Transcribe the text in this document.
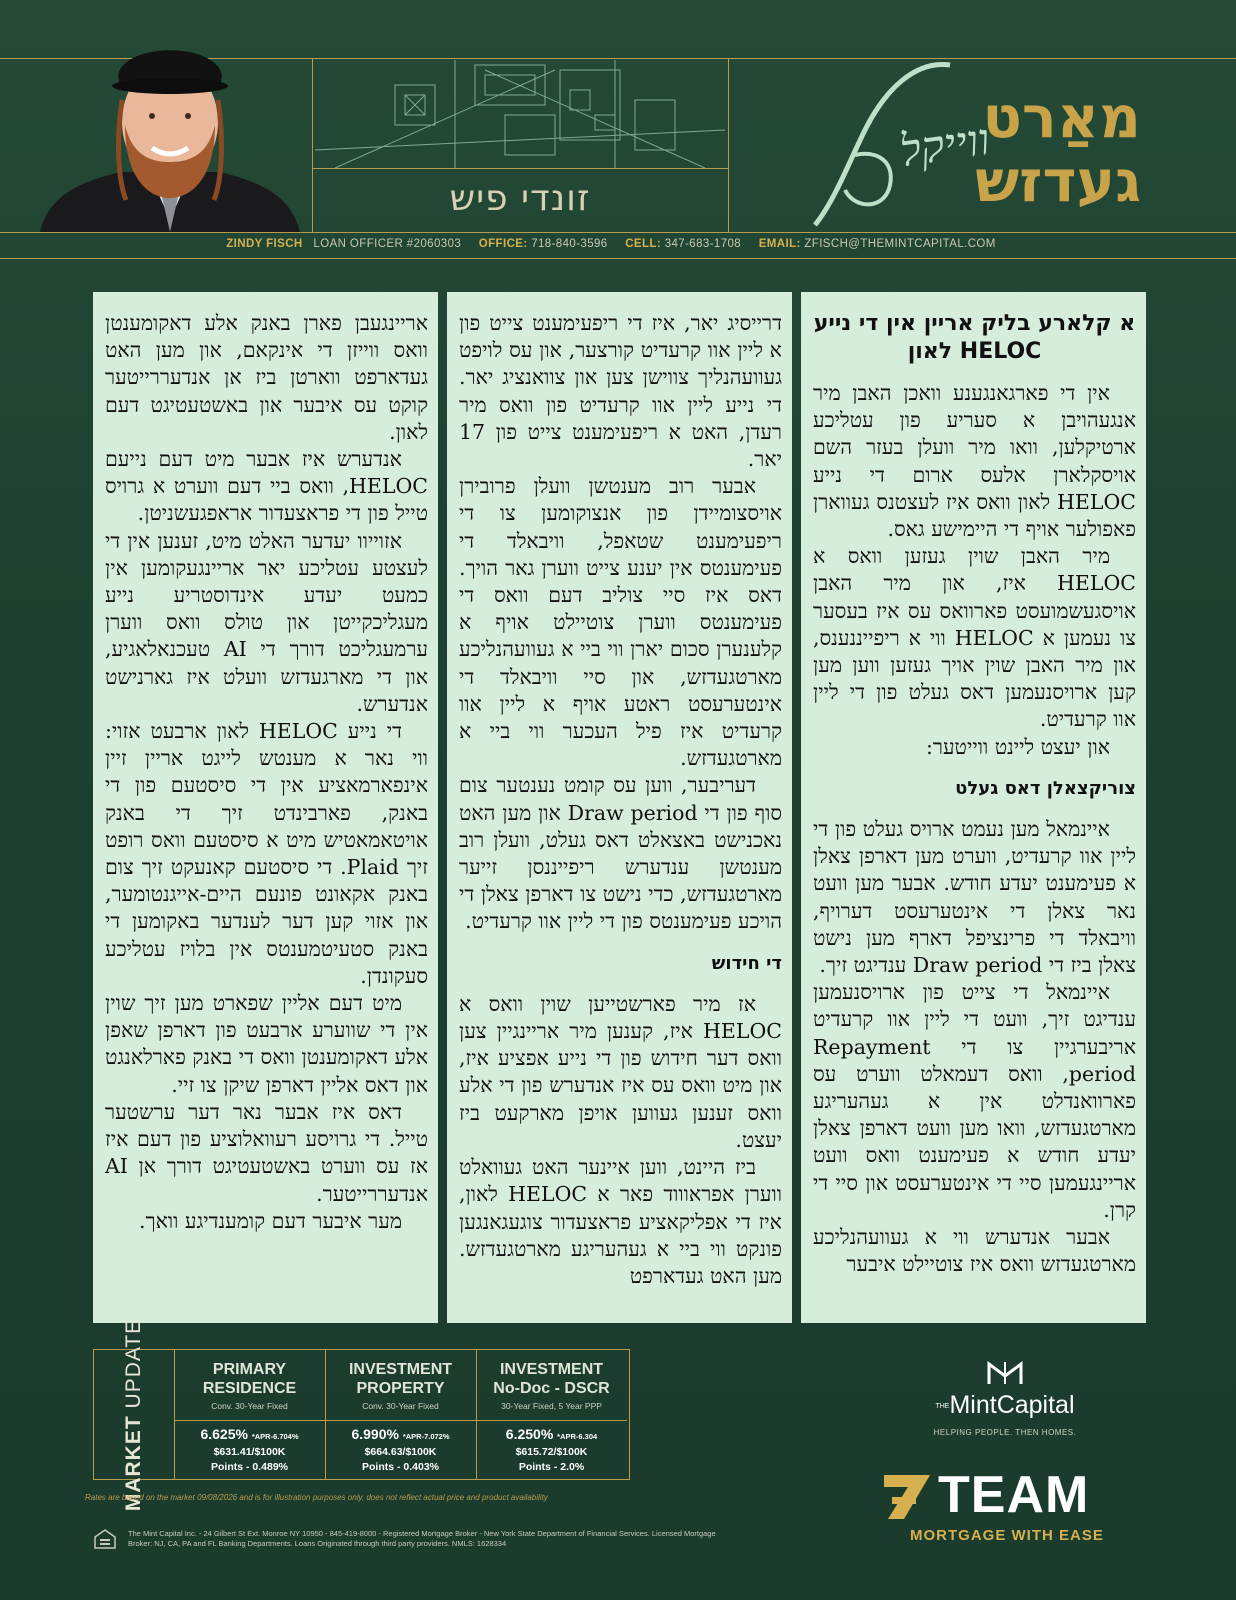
זונדי פיש
מאַרט
געדזש
ווייקל
ZINDY FISCH LOAN OFFICER #2060303 OFFICE: 718-840-3596 CELL: 347-683-1708 EMAIL: ZFISCH@THEMINTCAPITAL.COM
א קלארע בליק אריין אין די נייע HELOC לאון

אין די פארגאנגענע וואכן האבן מיר אנגעהויבן א סעריע פון עטליכע ארטיקלען, וואו מיר וועלן בעזר השם אויסקלארן אלעס ארום די נייע HELOC לאון וואס איז לעצטנס געווארן פאפולער אויף די היימישע גאס.

מיר האבן שוין געזען וואס א HELOC איז, און מיר האבן אויסגעשמועסט פארוואס עס איז בעסער צו נעמען א HELOC ווי א ריפייננענס, און מיר האבן שוין אויך געזען ווען מען קען ארויסנעמען דאס געלט פון די ליין אוו קרעדיט.

און יעצט ליינט ווייטער:

צוריקצאלן דאס געלט

איינמאל מען נעמט ארויס געלט פון די ליין אוו קרעדיט, ווערט מען דארפן צאלן א פעימענט יעדע חודש. אבער מען וועט נאר צאלן די אינטערעסט דערויף, וויבאלד די פרינציפל דארף מען נישט צאלן ביז די Draw period ענדיגט זיך.

איינמאל די צייט פון ארויסנעמען ענדיגט זיך, וועט די ליין אוו קרעדיט אריבערגיין צו די Repayment period, וואס דעמאלט ווערט עס פארוואנדלט אין א געהעריגע מארטגעדזש, וואו מען וועט דארפן צאלן יעדע חודש א פעימענט וואס וועט אריינגעמען סיי די אינטערעסט און סיי די קרן.

אבער אנדערש ווי א געוועהנליכע מארטגעדזש וואס איז צוטיילט איבער

דרייסיג יאר, איז די ריפעימענט צייט פון א ליין אוו קרעדיט קורצער, און עס לויפט געוועהנליך צווישן צען און צוואנציג יאר. די נייע ליין אוו קרעדיט פון וואס מיר רעדן, האט א ריפעימענט צייט פון 17 יאר.

אבער רוב מענטשן וועלן פרובירן אויסצומיידן פון אנצוקומען צו די ריפעימענט שטאפל, וויבאלד די פעימענטס אין יענע צייט ווערן גאר הויך. דאס איז סיי צוליב דעם וואס די פעימענטס ווערן צוטיילט אויף א קלענערן סכום יארן ווי ביי א געוועהנליכע מארטגעדזש, און סיי וויבאלד די אינטערעסט ראטע אויף א ליין אוו קרעדיט איז פיל העכער ווי ביי א מארטגעדזש.

דעריבער, ווען עס קומט נענטער צום סוף פון די Draw period און מען האט נאכנישט באצאלט דאס געלט, וועלן רוב מענטשן ענדערש ריפייננסן זייער מארטגעדזש, כדי נישט צו דארפן צאלן די הויכע פעימענטס פון די ליין אוו קרעדיט.

די חידוש

אז מיר פארשטייען שוין וואס א HELOC איז, קענען מיר אריינגיין צען וואס דער חידוש פון די נייע אפציע איז, און מיט וואס עס איז אנדערש פון די אלע וואס זענען געווען אויפן מארקעט ביז יעצט.

ביז היינט, ווען איינער האט געוואלט ווערן אפראוווד פאר א HELOC לאון, איז די אפליקאציע פראצעדור צוגעגאנגען פונקט ווי ביי א געהעריגע מארטגעדזש. מען האט געדארפט

אריינגעבן פארן באנק אלע דאקומענטן וואס ווייזן די אינקאם, און מען האט געדארפט ווארטן ביז אן אנדעררייטער קוקט עס איבער און באשטעטיגט דעם לאון.

אנדערש איז אבער מיט דעם נייעם HELOC, וואס ביי דעם ווערט א גרויס טייל פון די פראצעדור אראפגעשניטן.

אזוייוו יעדער האלט מיט, זענען אין די לעצטע עטליכע יאר אריינגעקומען אין כמעט יעדע אינדוסטריע נייע מעגליכקייטן און טולס וואס ווערן ערמעגליכט דורך די AI טעכנאלאגיע, און די מארגעדזש וועלט איז גארנישט אנדערש.

די נייע HELOC לאון ארבעט אזוי: ווי נאר א מענטש לייגט אריין זיין אינפארמאציע אין די סיסטעם פון די באנק, פארבינדט זיך די באנק אויטאמאטיש מיט א סיסטעם וואס רופט זיך Plaid. די סיסטעם קאנעקט זיך צום באנק אקאונט פונעם היים-אייגנטומער, און אזוי קען דער לענדער באקומען די באנק סטעיטמענטס אין בלויז עטליכע סעקונדן.

מיט דעם אליין שפארט מען זיך שוין אין די שווערע ארבעט פון דארפן שאפן אלע דאקומענטן וואס די באנק פארלאנגט און דאס אליין דארפן שיקן צו זיי.

דאס איז אבער נאר דער ערשטער טייל. די גרויסע רעוואלוציע פון דעם איז אז עס ווערט באשטעטיגט דורך אן AI אנדעררייטער.

מער איבער דעם קומענדיגע וואך.

MARKET UPDATE	PRIMARY
RESIDENCE
Conv. 30-Year Fixed
6.625% *APR-6.704%
$631.41/$100K
Points - 0.489%
INVESTMENT
PROPERTY
Conv. 30-Year Fixed
6.990% *APR-7.072%
$664.63/$100K
Points - 0.403%
INVESTMENT
No-Doc - DSCR
30-Year Fixed, 5 Year PPP
6.250% *APR-6.304
$615.72/$100K
Points - 2.0%
Rates are based on the market 09/08/2026 and is for illustration purposes only, does not reflect actual price and product availability
The Mint Capital Inc. - 24 Gilbert St Ext. Monroe NY 10950 - 845-419-8000 - Registered Mortgage Broker - New York State Department of Financial Services. Licensed Mortgage Broker: NJ, CA, PA and FL Banking Departments. Loans Originated through third party providers. NMLS: 1628334
THEMintCapital
HELPING PEOPLE. THEN HOMES.
TEAM
MORTGAGE WITH EASE
